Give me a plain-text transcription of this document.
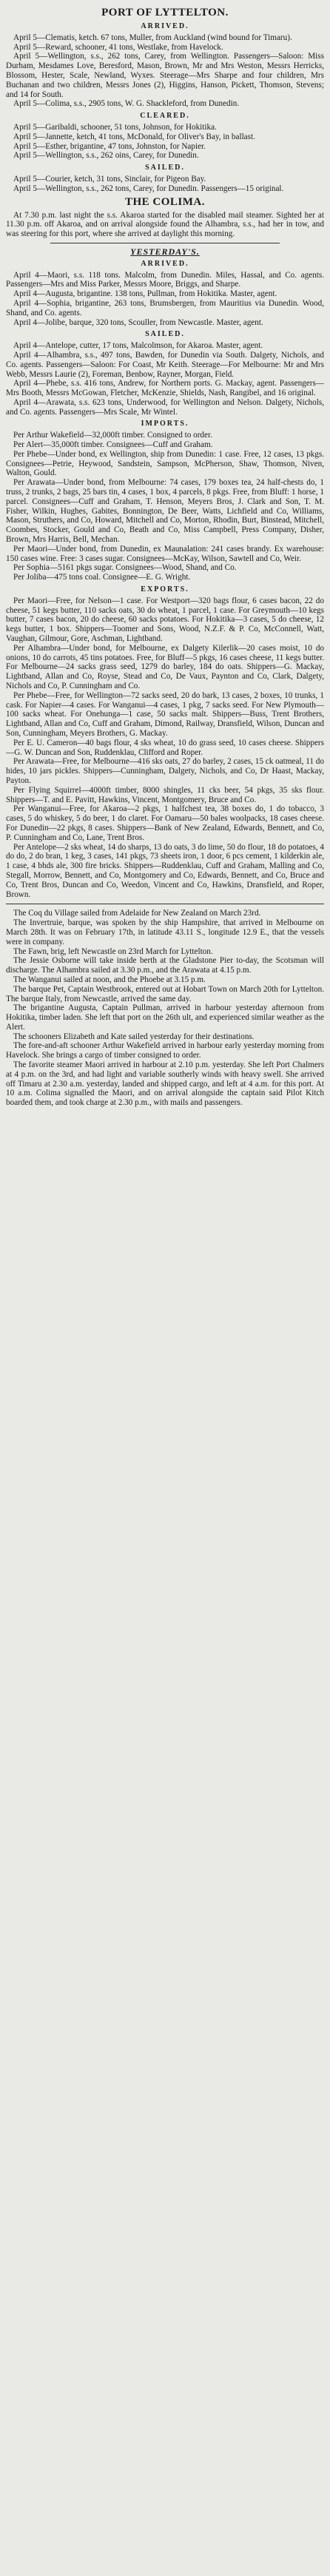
PORT OF LYTTELTON.
ARRIVED.

April 5—Clematis, ketch. 67 tons, Muller, from Auckland (wind bound for Timaru).

April 5—Reward, schooner, 41 tons, Westlake, from Havelock.

April 5—Wellington, s.s., 262 tons, Carey, from Wellington. Passengers—Saloon: Miss Durham, Mesdames Love, Beresford, Mason, Brown, Mr and Mrs Weston, Messrs Herricks, Blossom, Hester, Scale, Newland, Wyxes. Steerage—Mrs Sharpe and four children, Mrs Buchanan and two children, Messrs Jones (2), Higgins, Hanson, Pickett, Thomson, Stevens; and 14 for South.

April 5—Colima, s.s., 2905 tons, W. G. Shackleford, from Dunedin.

CLEARED.

April 5—Garibaldi, schooner, 51 tons, Johnson, for Hokitika.

April 5—Jannette, ketch, 41 tons, McDonald, for Oliver's Bay, in ballast.

April 5—Esther, brigantine, 47 tons, Johnston, for Napier.

April 5—Wellington, s.s., 262 oins, Carey, for Dunedin.

SAILED.

April 5—Courier, ketch, 31 tons, Sinclair, for Pigeon Bay.

April 5—Wellington, s.s., 262 tons, Carey, for Dunedin. Passengers—15 original.

THE COLIMA.

At 7.30 p.m. last night the s.s. Akaroa started for the disabled mail steamer. Sighted her at 11.30 p.m. off Akaroa, and on arrival alongside found the Alhambra, s.s., had her in tow, and was steering for this port, where she arrived at daylight this morning.

YESTERDAY'S.
ARRIVED.

April 4—Maori, s.s. 118 tons. Malcolm, from Dunedin. Miles, Hassal, and Co. agents. Passengers—Mrs and Miss Parker, Messrs Moore, Briggs, and Sharpe.

April 4—Augusta, brigantine. 138 tons, Pullman, from Hokitika. Master, agent.

April 4—Sophia, brigantine, 263 tons, Brumsbergen, from Mauritius via Dunedin. Wood, Shand, and Co. agents.

April 4—Jolibe, barque, 320 tons, Scouller, from Newcastle. Master, agent.

SAILED.

April 4—Antelope, cutter, 17 tons, Malcolmson, for Akaroa. Master, agent.

April 4—Alhambra, s.s., 497 tons, Bawden, for Dunedin via South. Dalgety, Nichols, and Co. agents. Passengers—Saloon: For Coast, Mr Keith. Steerage—For Melbourne: Mr and Mrs Webb, Messrs Laurie (2), Foreman, Benbow, Rayner, Morgan, Field.

April 4—Phebe, s.s. 416 tons, Andrew, for Northern ports. G. Mackay, agent. Passengers—Mrs Booth, Messrs McGowan, Fletcher, McKenzie, Shields, Nash, Rangibel, and 16 original.

April 4—Arawata, s.s. 623 tons, Underwood, for Wellington and Nelson. Dalgety, Nichols, and Co. agents. Passengers—Mrs Scale, Mr Wintel.

IMPORTS.

Per Arthur Wakefield—32,000ft timber. Consigned to order.

Per Alert—35,000ft timber. Consignees—Cuff and Graham.

Per Phebe—Under bond, ex Wellington, ship from Dunedin: 1 case. Free, 12 cases, 13 pkgs. Consignees—Petrie, Heywood, Sandstein, Sampson, McPherson, Shaw, Thomson, Niven, Walton, Gould.

Per Arawata—Under bond, from Melbourne: 74 cases, 179 boxes tea, 24 half-chests do, 1 truss, 2 trunks, 2 bags, 25 bars tin, 4 cases, 1 box, 4 parcels, 8 pkgs. Free, from Bluff: 1 horse, 1 parcel. Consignees—Cuff and Graham, T. Henson, Meyers Bros, J. Clark and Son, T. M. Fisher, Wilkin, Hughes, Gabites, Bonnington, De Beer, Watts, Lichfield and Co, Williams, Mason, Struthers, and Co, Howard, Mitchell and Co, Morton, Rhodin, Burt, Binstead, Mitchell, Coombes, Stocker, Gould and Co, Beath and Co, Miss Campbell, Press Company, Disher, Brown, Mrs Harris, Bell, Mechan.

Per Maori—Under bond, from Dunedin, ex Maunalation: 241 cases brandy. Ex warehouse: 150 cases wine. Free: 3 cases sugar. Consignees—McKay, Wilson, Sawtell and Co, Weir.

Per Sophia—5161 pkgs sugar. Consignees—Wood, Shand, and Co.

Per Joliba—475 tons coal. Consignee—E. G. Wright.

EXPORTS.

Per Maori—Free, for Nelson—1 case. For Westport—320 bags flour, 6 cases bacon, 22 do cheese, 51 kegs butter, 110 sacks oats, 30 do wheat, 1 parcel, 1 case. For Greymouth—10 kegs butter, 7 cases bacon, 20 do cheese, 60 sacks potatoes. For Hokitika—3 cases, 5 do cheese, 12 kegs butter, 1 box. Shippers—Toomer and Sons, Wood, N.Z.F. & P. Co, McConnell, Watt, Vaughan, Gilmour, Gore, Aschman, Lightband.

Per Alhambra—Under bond, for Melbourne, ex Dalgety Kilerlik—20 cases moist, 10 do onions, 10 do carrots, 45 tins potatoes. Free, for Bluff—5 pkgs, 16 cases cheese, 11 kegs butter. For Melbourne—24 sacks grass seed, 1279 do barley, 184 do oats. Shippers—G. Mackay, Lightband, Allan and Co, Royse, Stead and Co, De Vaux, Paynton and Co, Clark, Dalgety, Nichols and Co, P. Cunningham and Co.

Per Phebe—Free, for Wellington—72 sacks seed, 20 do bark, 13 cases, 2 boxes, 10 trunks, 1 cask. For Napier—4 cases. For Wanganui—4 cases, 1 pkg, 7 sacks seed. For New Plymouth—100 sacks wheat. For Onehunga—1 case, 50 sacks malt. Shippers—Buss, Trent Brothers, Lightband, Allan and Co, Cuff and Graham, Dimond, Railway, Dransfield, Wilson, Duncan and Son, Cunningham, Meyers Brothers, G. Mackay.

Per E. U. Cameron—40 bags flour, 4 sks wheat, 10 do grass seed, 10 cases cheese. Shippers—G. W. Duncan and Son, Ruddenklau, Clifford and Roper.

Per Arawata—Free, for Melbourne—416 sks oats, 27 do barley, 2 cases, 15 ck oatmeal, 11 do hides, 10 jars pickles. Shippers—Cunningham, Dalgety, Nichols, and Co, Dr Haast, Mackay, Payton.

Per Flying Squirrel—4000ft timber, 8000 shingles, 11 cks beer, 54 pkgs, 35 sks flour. Shippers—T. and E. Pavitt, Hawkins, Vincent, Montgomery, Bruce and Co.

Per Wanganui—Free, for Akaroa—2 pkgs, 1 halfchest tea, 38 boxes do, 1 do tobacco, 3 cases, 5 do whiskey, 5 do beer, 1 do claret. For Oamaru—50 bales woolpacks, 18 cases cheese. For Dunedin—22 pkgs, 8 cases. Shippers—Bank of New Zealand, Edwards, Bennett, and Co, P. Cunningham and Co, Lane, Trent Bros.

Per Antelope—2 sks wheat, 14 do sharps, 13 do oats, 3 do lime, 50 do flour, 18 do potatoes, 4 do do, 2 do bran, 1 keg, 3 cases, 141 pkgs, 73 sheets iron, 1 door, 6 pcs cement, 1 kilderkin ale, 1 case, 4 bhds ale, 300 fire bricks. Shippers—Ruddenklau, Cuff and Graham, Malling and Co, Stegall, Morrow, Bennett, and Co, Montgomery and Co, Edwards, Bennett, and Co, Bruce and Co, Trent Bros, Duncan and Co, Weedon, Vincent and Co, Hawkins, Dransfield, and Roper, Brown.

The Coq du Village sailed from Adelaide for New Zealand on March 23rd.

The Invertruie, barque, was spoken by the ship Hampshire, that arrived in Melbourne on March 28th. It was on February 17th, in latitude 43.11 S., longitude 12.9 E., that the vessels were in company.

The Fawn, brig, left Newcastle on 23rd March for Lyttelton.

The Jessie Osborne will take inside berth at the Gladstone Pier to-day, the Scotsman will discharge. The Alhambra sailed at 3.30 p.m., and the Arawata at 4.15 p.m.

The Wanganui sailed at noon, and the Phoebe at 3.15 p.m.

The barque Pet, Captain Westbrook, entered out at Hobart Town on March 20th for Lyttelton. The barque Italy, from Newcastle, arrived the same day.

The brigantine Augusta, Captain Pullman, arrived in harbour yesterday afternoon from Hokitika, timber laden. She left that port on the 26th ult, and experienced similar weather as the Alert.

The schooners Elizabeth and Kate sailed yesterday for their destinations.

The fore-and-aft schooner Arthur Wakefield arrived in harbour early yesterday morning from Havelock. She brings a cargo of timber consigned to order.

The favorite steamer Maori arrived in harbour at 2.10 p.m. yesterday. She left Port Chalmers at 4 p.m. on the 3rd, and had light and variable southerly winds with heavy swell. She arrived off Timaru at 2.30 a.m. yesterday, landed and shipped cargo, and left at 4 a.m. for this port. At 10 a.m. Colima signalled the Maori, and on arrival alongside the captain said Pilot Kitch boarded them, and took charge at 2.30 p.m., with mails and passengers.
